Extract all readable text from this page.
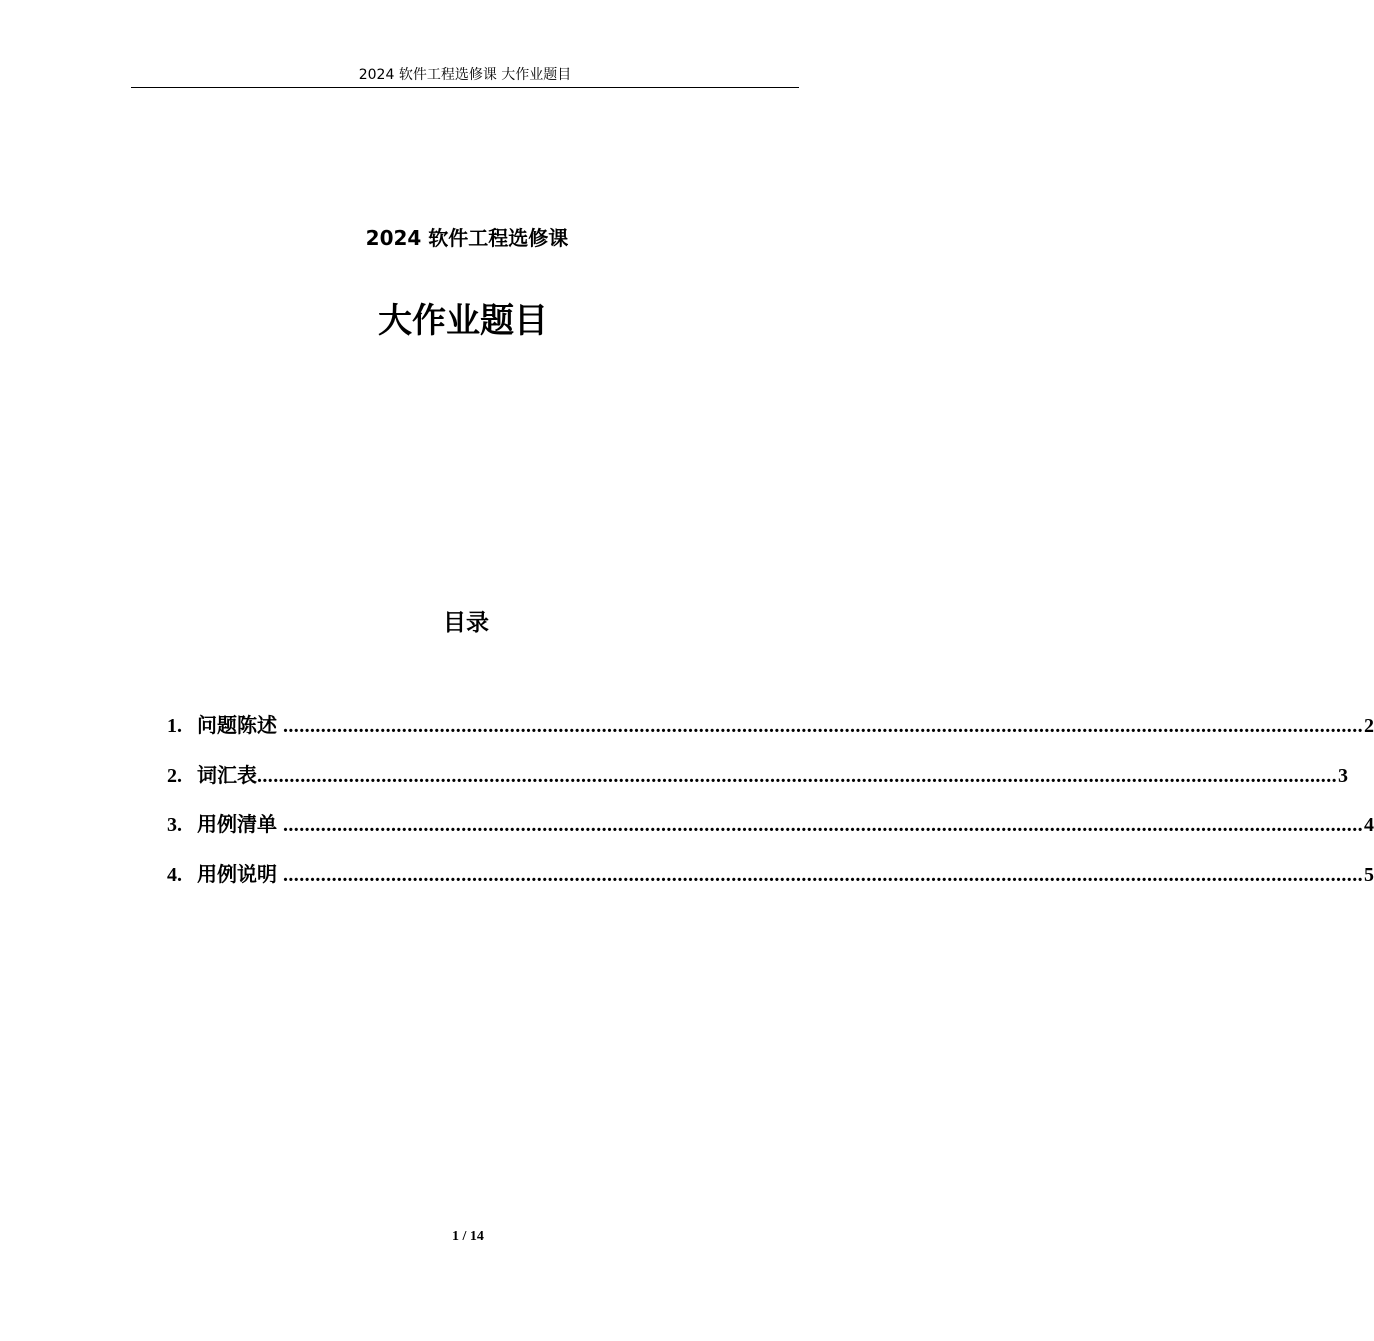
2024 软件工程选修课 大作业题目
2024 软件工程选修课
大作业题目
目录
1. 问题陈述 ........................................................................................................................................................................................................ 2
2. 词汇表 ........................................................................................................................................................................................................ 3
3. 用例清单 ........................................................................................................................................................................................................ 4
4. 用例说明 ........................................................................................................................................................................................................ 5
1 / 14
